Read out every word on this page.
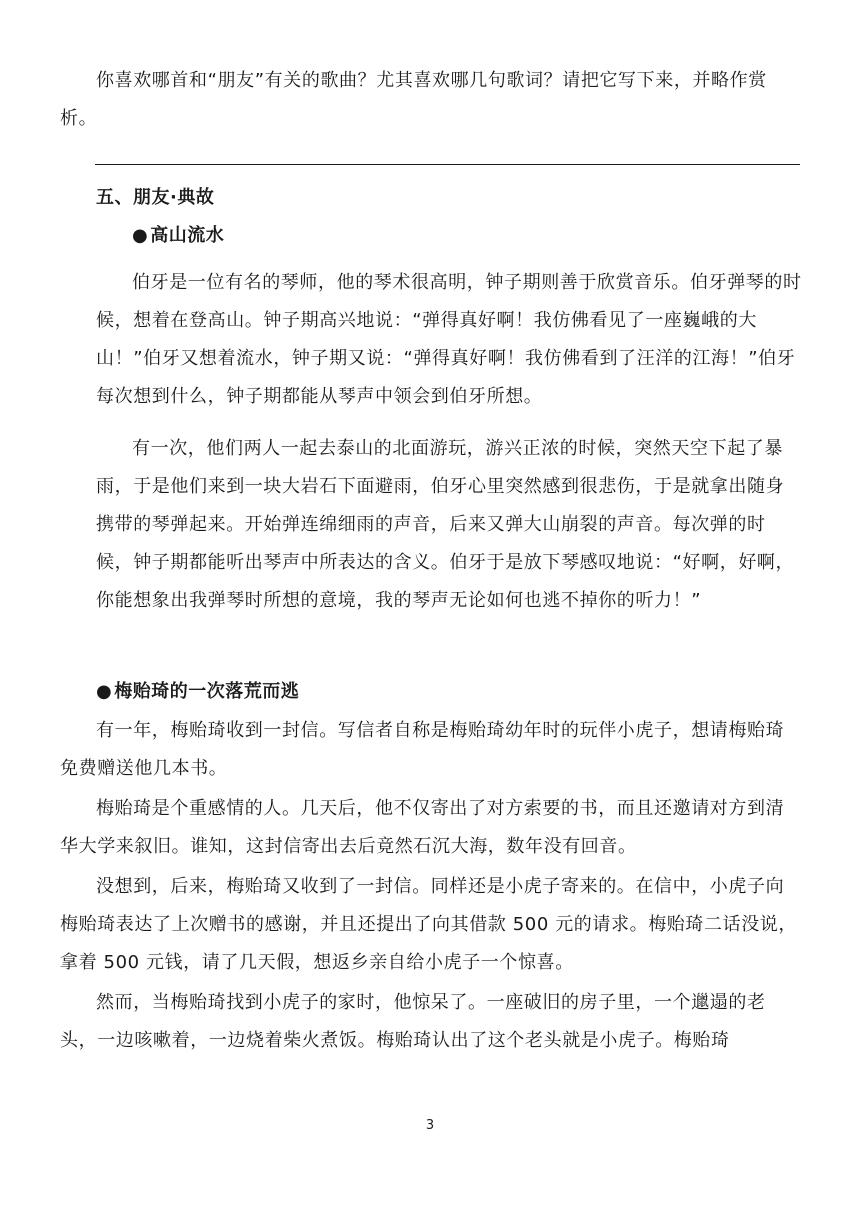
你喜欢哪首和“朋友”有关的歌曲？尤其喜欢哪几句歌词？请把它写下来，并略作赏析。

五、朋友·典故
● 高山流水

伯牙是一位有名的琴师，他的琴术很高明，钟子期则善于欣赏音乐。伯牙弹琴的时候，想着在登高山。钟子期高兴地说：“弹得真好啊！我仿佛看见了一座巍峨的大山！”伯牙又想着流水，钟子期又说：“弹得真好啊！我仿佛看到了汪洋的江海！”伯牙每次想到什么，钟子期都能从琴声中领会到伯牙所想。

有一次，他们两人一起去泰山的北面游玩，游兴正浓的时候，突然天空下起了暴雨，于是他们来到一块大岩石下面避雨，伯牙心里突然感到很悲伤，于是就拿出随身携带的琴弹起来。开始弹连绵细雨的声音，后来又弹大山崩裂的声音。每次弹的时候，钟子期都能听出琴声中所表达的含义。伯牙于是放下琴感叹地说：“好啊，好啊，你能想象出我弹琴时所想的意境，我的琴声无论如何也逃不掉你的听力！”

● 梅贻琦的一次落荒而逃

有一年，梅贻琦收到一封信。写信者自称是梅贻琦幼年时的玩伴小虎子，想请梅贻琦免费赠送他几本书。

梅贻琦是个重感情的人。几天后，他不仅寄出了对方索要的书，而且还邀请对方到清华大学来叙旧。谁知，这封信寄出去后竟然石沉大海，数年没有回音。

没想到，后来，梅贻琦又收到了一封信。同样还是小虎子寄来的。在信中，小虎子向梅贻琦表达了上次赠书的感谢，并且还提出了向其借款 500 元的请求。梅贻琦二话没说，拿着 500 元钱，请了几天假，想返乡亲自给小虎子一个惊喜。

然而，当梅贻琦找到小虎子的家时，他惊呆了。一座破旧的房子里，一个邋遢的老头，一边咳嗽着，一边烧着柴火煮饭。梅贻琦认出了这个老头就是小虎子。梅贻琦

3
